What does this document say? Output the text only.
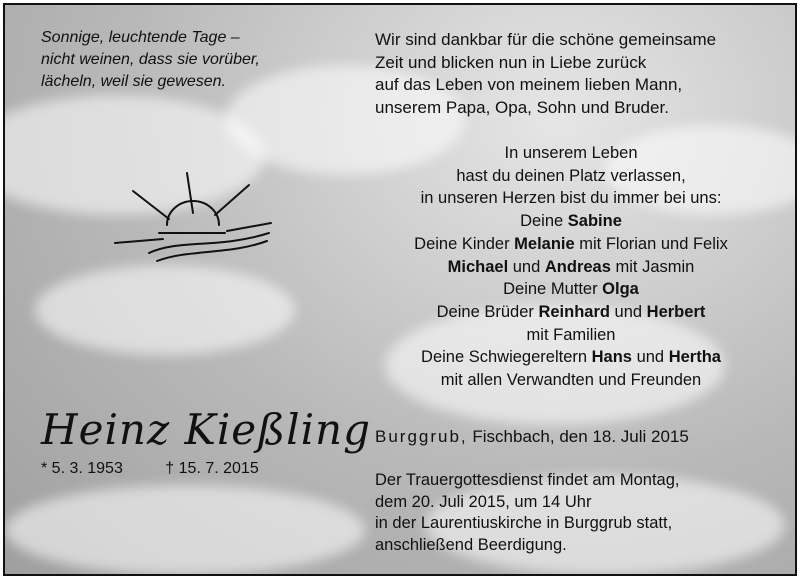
Sonnige, leuchtende Tage –
nicht weinen, dass sie vorüber,
lächeln, weil sie gewesen.
Heinz Kießling
* 5. 3. 1953	† 15. 7. 2015
Wir sind dankbar für die schöne gemeinsame
Zeit und blicken nun in Liebe zurück
auf das Leben von meinem lieben Mann,
unserem Papa, Opa, Sohn und Bruder.
In unserem Leben
hast du deinen Platz verlassen,
in unseren Herzen bist du immer bei uns:
Deine Sabine
Deine Kinder Melanie mit Florian und Felix
Michael und Andreas mit Jasmin
Deine Mutter Olga
Deine Brüder Reinhard und Herbert
mit Familien
Deine Schwiegereltern Hans und Hertha
mit allen Verwandten und Freunden
Burggrub, Fischbach, den 18. Juli 2015
Der Trauergottesdienst findet am Montag,
dem 20. Juli 2015, um 14 Uhr
in der Laurentiuskirche in Burggrub statt,
anschließend Beerdigung.
